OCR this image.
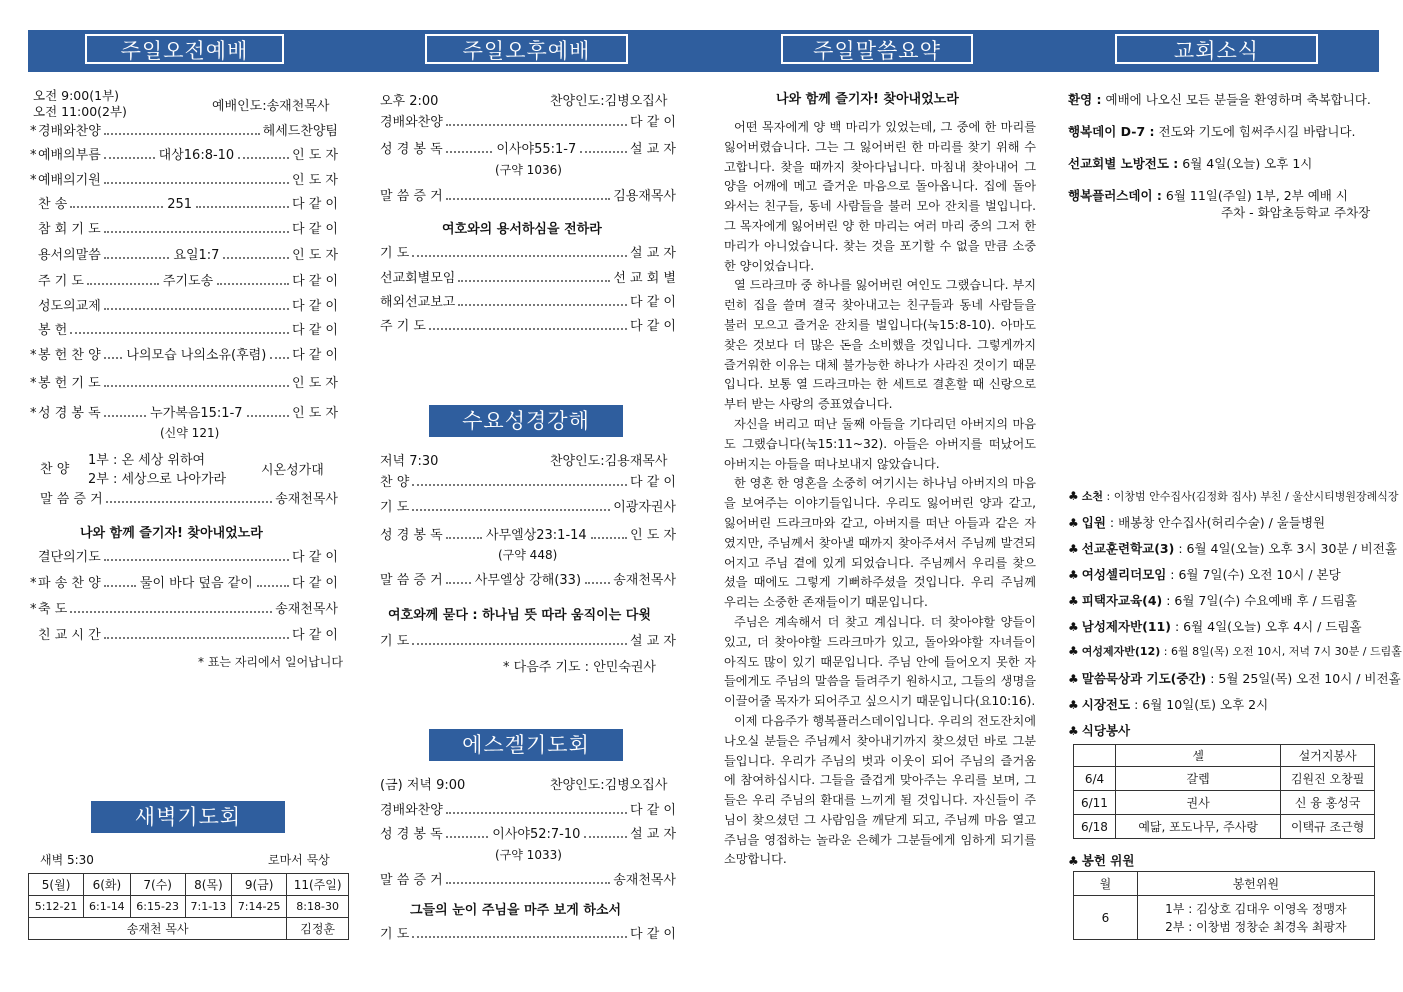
주일오전예배	주일오후예배	주일말씀요약	교회소식
오전 9:00(1부)
오전 11:00(2부)	예배인도:송재천목사
* 경배와찬양	헤세드찬양팀
* 예배의부름	대상16:8-10	인 도 자
* 예배의기원	인 도 자
찬 송	251	다 같 이
참 회 기 도	다 같 이
용서의말씀	요일1:7	인 도 자
주 기 도	주기도송	다 같 이
성도의교제	다 같 이
봉 헌	다 같 이
* 봉 헌 찬 양 나의모습 나의소유(후렴) 다 같 이
* 봉 헌 기 도	인 도 자
* 성 경 봉 독	누가복음15:1-7	인 도 자
(신약 121)
찬 양
1부 : 온 세상 위하여
2부 : 세상으로 나아가라
시온성가대
말 씀 증 거	송재천목사
나와 함께 즐기자! 찾아내었노라
결단의기도	다 같 이
* 파 송 찬 양	물이 바다 덮음 같이	다 같 이
* 축 도	송재천목사
친 교 시 간	다 같 이
* 표는 자리에서 일어납니다
새벽기도회
새벽 5:30	로마서 묵상
5(월)	6(화)	7(수)	8(목)	9(금)	11(주일)
5:12-21	6:1-14	6:15-23	7:1-13	7:14-25	8:18-30
송재천 목사					김정훈
오후 2:00	찬양인도:김병오집사
경배와찬양	다 같 이
성 경 봉 독	이사야55:1-7	설 교 자
(구약 1036)
말 씀 증 거	김용재목사
여호와의 용서하심을 전하라
기 도	설 교 자
선교회별모임	선 교 회 별
해외선교보고	다 같 이
주 기 도	다 같 이
수요성경강해
저녁 7:30	찬양인도:김용재목사
찬 양	다 같 이
기 도	이광자권사
성 경 봉 독	사무엘상23:1-14	인 도 자
(구약 448)
말 씀 증 거 사무엘상 강해(33) 송재천목사
여호와께 묻다 : 하나님 뜻 따라 움직이는 다윗
기 도	설 교 자
* 다음주 기도 : 안민숙권사
에스겔기도회
(금) 저녁 9:00	찬양인도:김병오집사
경배와찬양	다 같 이
성 경 봉 독	이사야52:7-10	설 교 자
(구약 1033)
말 씀 증 거	송재천목사
그들의 눈이 주님을 마주 보게 하소서
기 도	다 같 이
나와 함께 즐기자! 찾아내었노라

어떤 목자에게 양 백 마리가 있었는데, 그 중에 한 마리를 잃어버렸습니다. 그는 그 잃어버린 한 마리를 찾기 위해 수고합니다. 찾을 때까지 찾아다닙니다. 마침내 찾아내어 그 양을 어깨에 메고 즐거운 마음으로 돌아옵니다. 집에 돌아와서는 친구들, 동네 사람들을 불러 모아 잔치를 벌입니다. 그 목자에게 잃어버린 양 한 마리는 여러 마리 중의 그저 한 마리가 아니었습니다. 찾는 것을 포기할 수 없을 만큼 소중한 양이었습니다.

열 드라크마 중 하나를 잃어버린 여인도 그랬습니다. 부지런히 집을 쓸며 결국 찾아내고는 친구들과 동네 사람들을 불러 모으고 즐거운 잔치를 벌입니다(눅15:8-10). 아마도 찾은 것보다 더 많은 돈을 소비했을 것입니다. 그렇게까지 즐거워한 이유는 대체 불가능한 하나가 사라진 것이기 때문입니다. 보통 열 드라크마는 한 세트로 결혼할 때 신랑으로부터 받는 사랑의 증표였습니다.

자신을 버리고 떠난 둘째 아들을 기다리던 아버지의 마음도 그랬습니다(눅15:11~32). 아들은 아버지를 떠났어도 아버지는 아들을 떠나보내지 않았습니다.

한 영혼 한 영혼을 소중히 여기시는 하나님 아버지의 마음을 보여주는 이야기들입니다. 우리도 잃어버린 양과 같고, 잃어버린 드라크마와 같고, 아버지를 떠난 아들과 같은 자였지만, 주님께서 찾아낼 때까지 찾아주셔서 주님께 발견되어지고 주님 곁에 있게 되었습니다. 주님께서 우리를 찾으셨을 때에도 그렇게 기뻐하주셨을 것입니다. 우리 주님께 우리는 소중한 존재들이기 때문입니다.

주님은 계속해서 더 찾고 계십니다. 더 찾아야할 양들이 있고, 더 찾아야할 드라크마가 있고, 돌아와야할 자녀들이 아직도 많이 있기 때문입니다. 주님 안에 들어오지 못한 자들에게도 주님의 말씀을 들려주기 원하시고, 그들의 생명을 이끌어줄 목자가 되어주고 싶으시기 때문입니다(요10:16).

이제 다음주가 행복플러스데이입니다. 우리의 전도잔치에 나오실 분들은 주님께서 찾아내기까지 찾으셨던 바로 그분들입니다. 우리가 주님의 벗과 이웃이 되어 주님의 즐거움에 참여하십시다. 그들을 즐겁게 맞아주는 우리를 보며, 그들은 우리 주님의 환대를 느끼게 될 것입니다. 자신들이 주님이 찾으셨던 그 사람임을 깨닫게 되고, 주님께 마음 열고 주님을 영접하는 놀라운 은혜가 그분들에게 임하게 되기를 소망합니다.

환영 : 예배에 나오신 모든 분들을 환영하며 축복합니다.
행복데이 D-7 : 전도와 기도에 힘써주시길 바랍니다.
선교회별 노방전도 : 6월 4일(오늘) 오후 1시
행복플러스데이 : 6월 11일(주일) 1부, 2부 예배 시
주차 - 화암초등학교 주차장
♣ 소천 : 이창범 안수집사(김정화 집사) 부친 / 울산시티병원장례식장
♣ 입원 : 배봉창 안수집사(허리수술) / 울들병원
♣ 선교훈련학교(3) : 6월 4일(오늘) 오후 3시 30분 / 비전홀
♣ 여성셀리더모임 : 6월 7일(수) 오전 10시 / 본당
♣ 피택자교육(4) : 6월 7일(수) 수요예배 후 / 드림홀
♣ 남성제자반(11) : 6월 4일(오늘) 오후 4시 / 드림홀
♣ 여성제자반(12) : 6월 8일(목) 오전 10시, 저녁 7시 30분 / 드림홀
♣ 말씀묵상과 기도(중간) : 5월 25일(목) 오전 10시 / 비전홀
♣ 시장전도 : 6월 10일(토) 오후 2시
♣ 식당봉사
	셀	설거지봉사
6/4	갈렙	김원진 오창필
6/11	권사	신 융 홍성국
6/18	예닮, 포도나무, 주사랑	이택규 조근형
♣ 봉헌 위원
월	봉헌위원
6	1부 : 김상호 김대우 이영옥 정맹자
2부 : 이창범 정창순 최경옥 최팡자
